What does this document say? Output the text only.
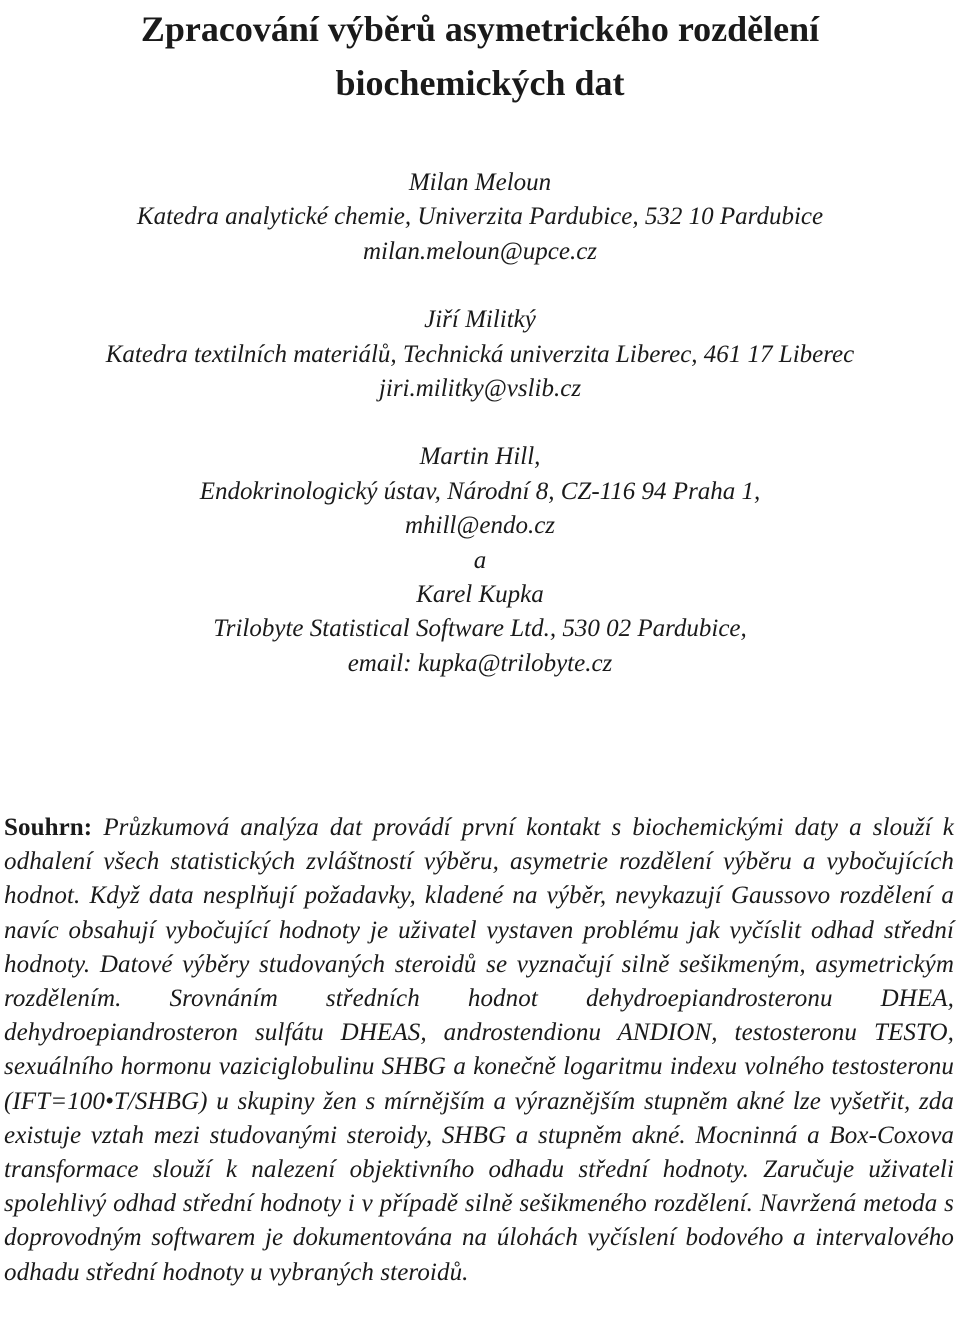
Zpracování výběrů asymetrického rozdělení biochemických dat
Milan Meloun
Katedra analytické chemie, Univerzita Pardubice, 532 10 Pardubice
milan.meloun@upce.cz
Jiří Militký
Katedra textilních materiálů, Technická univerzita Liberec, 461 17 Liberec
jiri.militky@vslib.cz
Martin Hill,
Endokrinologický ústav, Národní 8, CZ-116 94 Praha 1,
mhill@endo.cz
a
Karel Kupka
Trilobyte Statistical Software Ltd., 530 02 Pardubice,
email: kupka@trilobyte.cz

Souhrn: Průzkumová analýza dat provádí první kontakt s biochemickými daty a slouží k odhalení všech statistických zvláštností výběru, asymetrie rozdělení výběru a vybočujících hodnot. Když data nesplňují požadavky, kladené na výběr, nevykazují Gaussovo rozdělení a navíc obsahují vybočující hodnoty je uživatel vystaven problému jak vyčíslit odhad střední hodnoty. Datové výběry studovaných steroidů se vyznačují silně sešikmeným, asymetrickým rozdělením. Srovnáním středních hodnot dehydroepiandrosteronu DHEA, dehydroepiandrosteron sulfátu DHEAS, androstendionu ANDION, testosteronu TESTO, sexuálního hormonu vaziciglobulinu SHBG a konečně logaritmu indexu volného testosteronu (IFT=100•T/SHBG) u skupiny žen s mírnějším a výraznějším stupněm akné lze vyšetřit, zda existuje vztah mezi studovanými steroidy, SHBG a stupněm akné. Mocninná a Box-Coxova transformace slouží k nalezení objektivního odhadu střední hodnoty. Zaručuje uživateli spolehlivý odhad střední hodnoty i v případě silně sešikmeného rozdělení. Navržená metoda s doprovodným softwarem je dokumentována na úlohách vyčíslení bodového a intervalového odhadu střední hodnoty u vybraných steroidů.
